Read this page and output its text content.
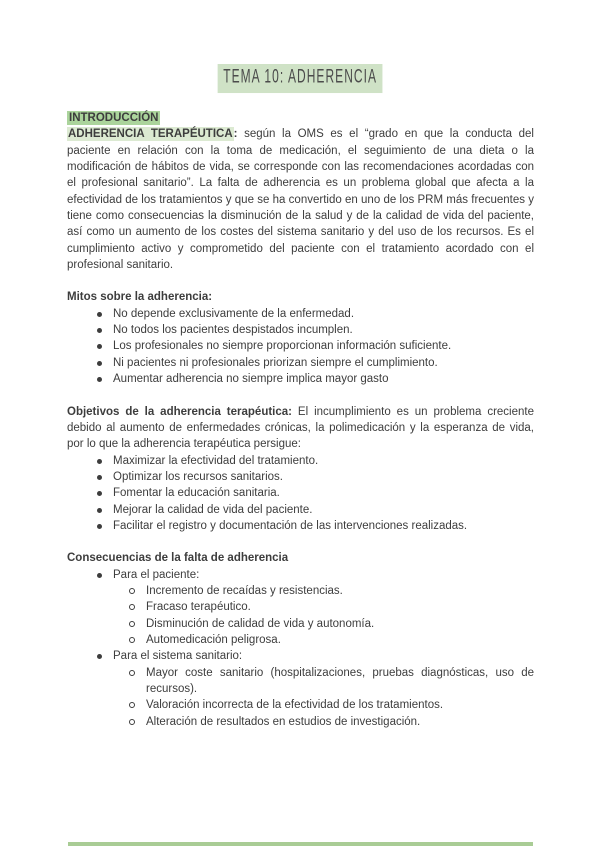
TEMA 10: ADHERENCIA
INTRODUCCIÓN

ADHERENCIA TERAPÉUTICA: según la OMS es el “grado en que la conducta del paciente en relación con la toma de medicación, el seguimiento de una dieta o la modificación de hábitos de vida, se corresponde con las recomendaciones acordadas con el profesional sanitario”. La falta de adherencia es un problema global que afecta a la efectividad de los tratamientos y que se ha convertido en uno de los PRM más frecuentes y tiene como consecuencias la disminución de la salud y de la calidad de vida del paciente, así como un aumento de los costes del sistema sanitario y del uso de los recursos. Es el cumplimiento activo y comprometido del paciente con el tratamiento acordado con el profesional sanitario.

Mitos sobre la adherencia:
No depende exclusivamente de la enfermedad.
No todos los pacientes despistados incumplen.
Los profesionales no siempre proporcionan información suficiente.
Ni pacientes ni profesionales priorizan siempre el cumplimiento.
Aumentar adherencia no siempre implica mayor gasto

Objetivos de la adherencia terapéutica: El incumplimiento es un problema creciente debido al aumento de enfermedades crónicas, la polimedicación y la esperanza de vida, por lo que la adherencia terapéutica persigue:

Maximizar la efectividad del tratamiento.
Optimizar los recursos sanitarios.
Fomentar la educación sanitaria.
Mejorar la calidad de vida del paciente.
Facilitar el registro y documentación de las intervenciones realizadas.
Consecuencias de la falta de adherencia
Para el paciente:
Incremento de recaídas y resistencias.
Fracaso terapéutico.
Disminución de calidad de vida y autonomía.
Automedicación peligrosa.
Para el sistema sanitario:
Mayor coste sanitario (hospitalizaciones, pruebas diagnósticas, uso de recursos).
Valoración incorrecta de la efectividad de los tratamientos.
Alteración de resultados en estudios de investigación.
